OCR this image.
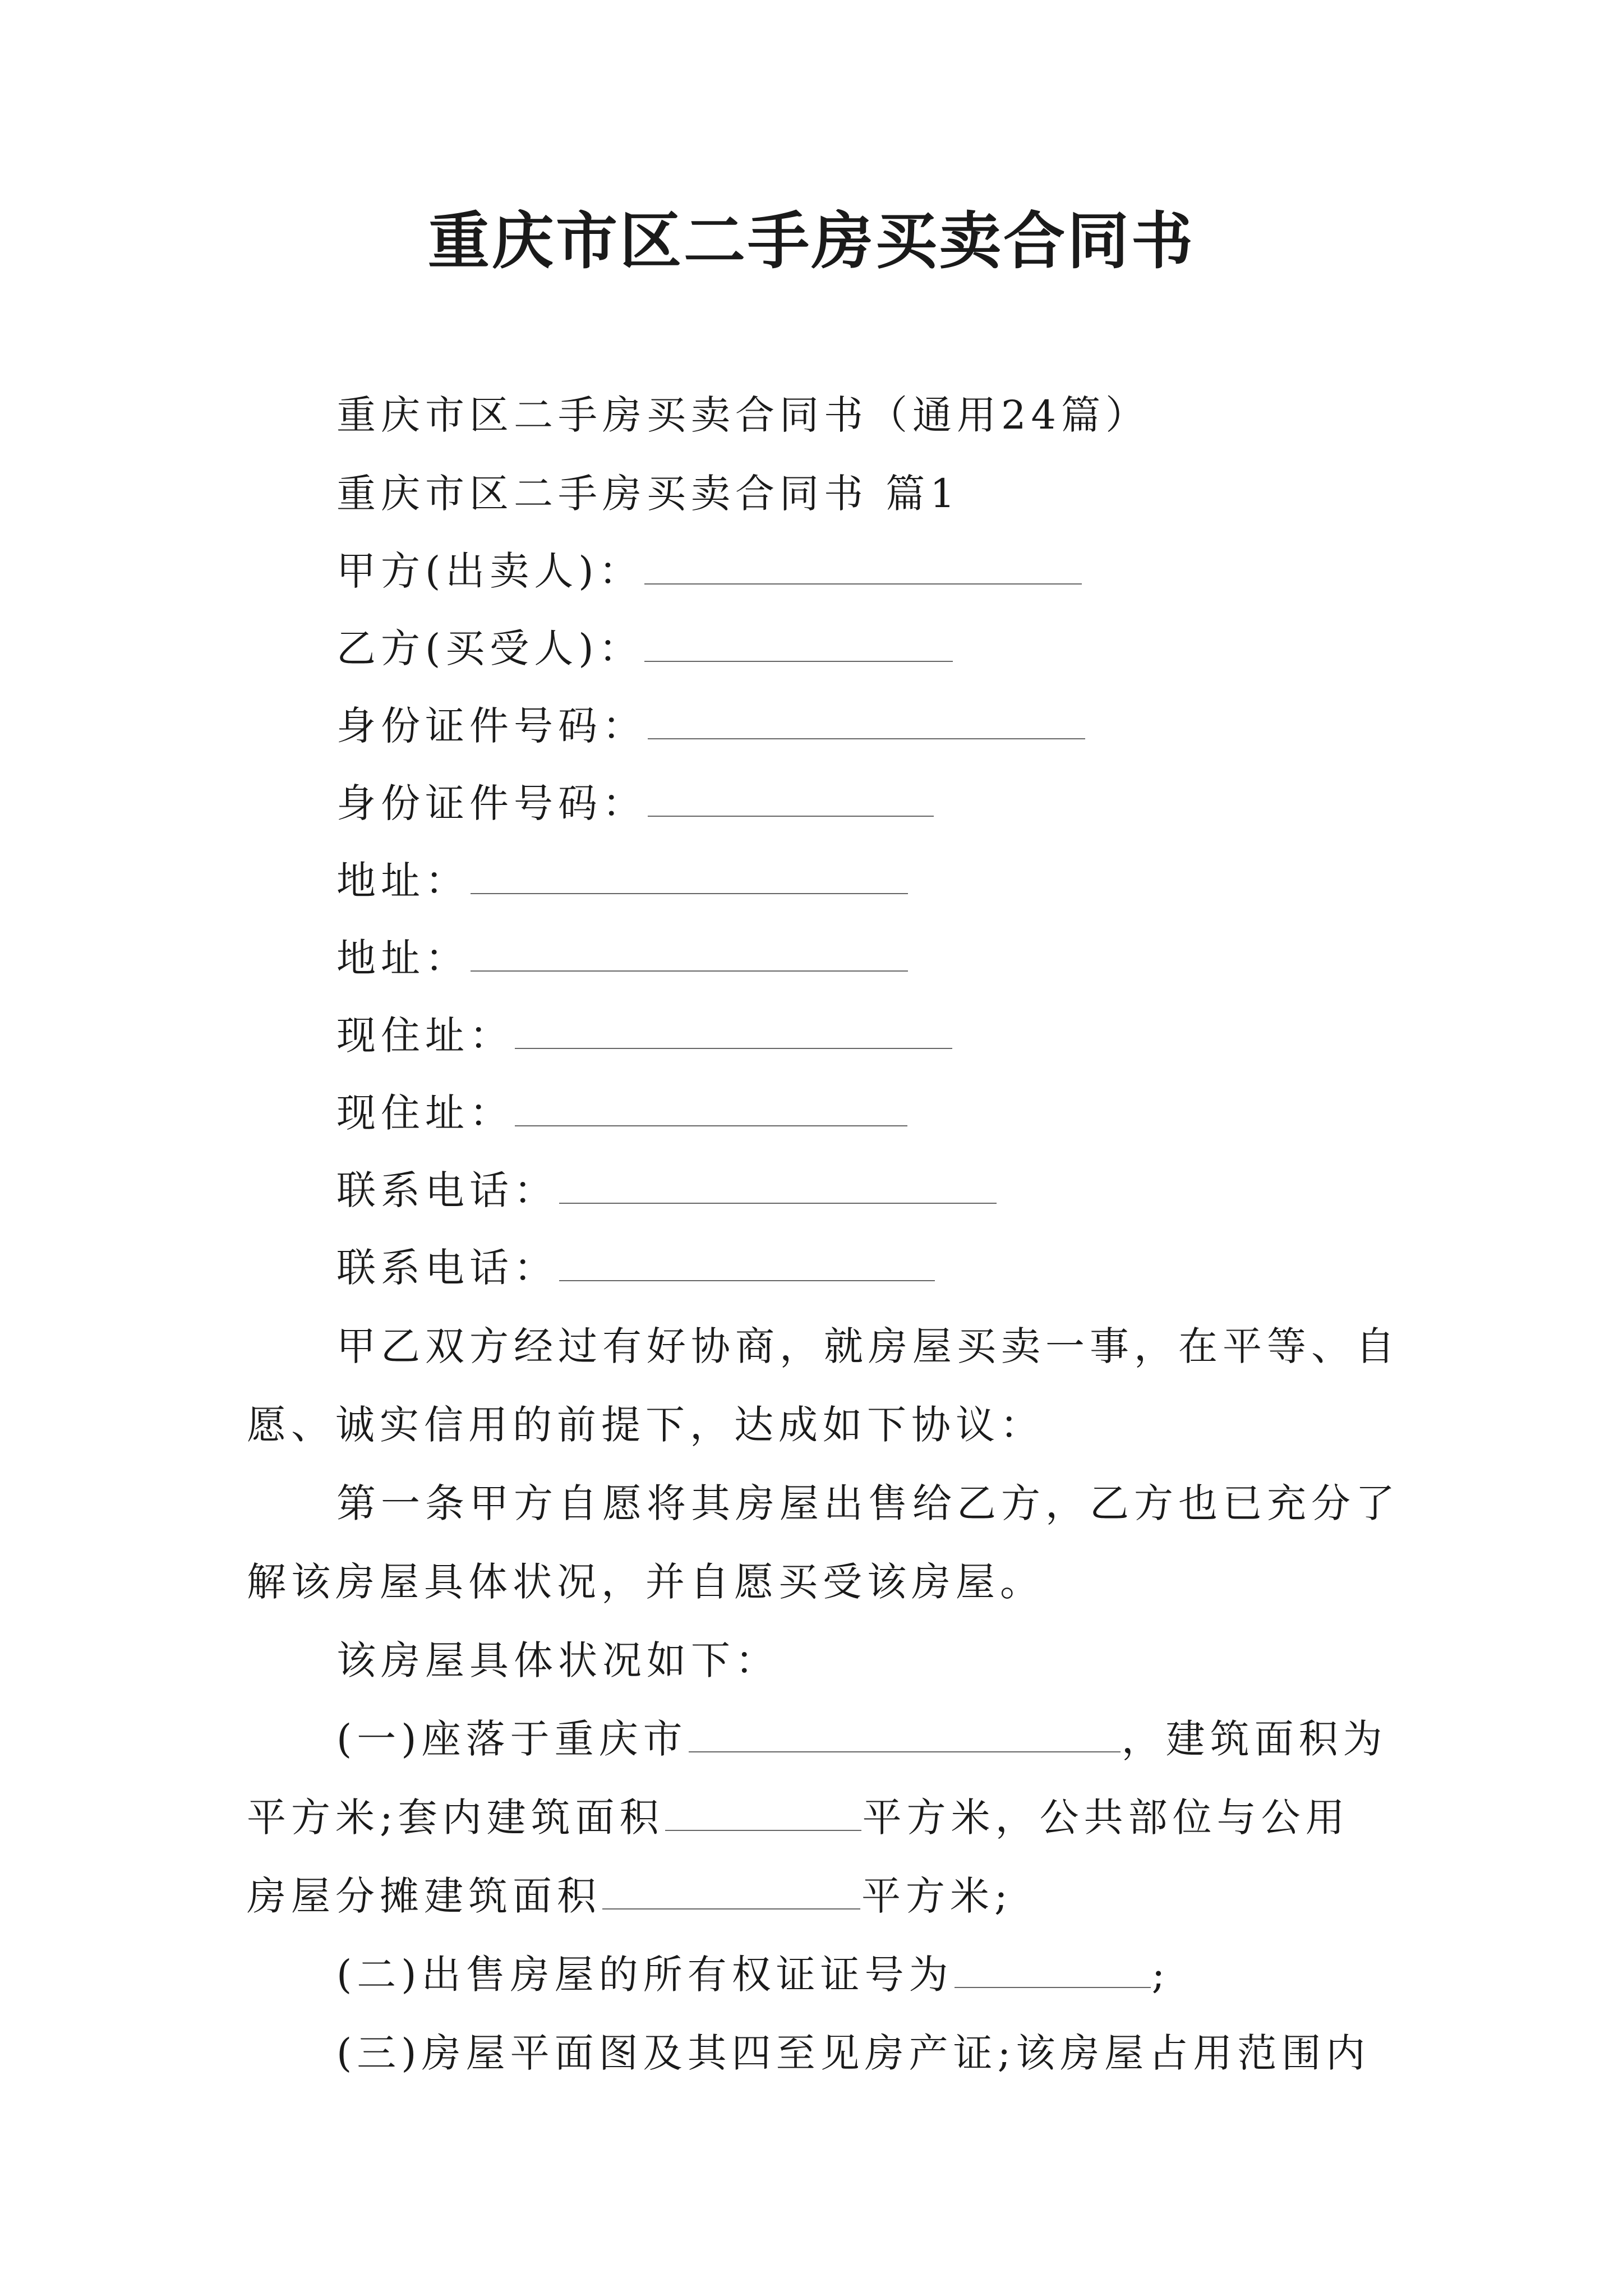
重庆市区二手房买卖合同书
重庆市区二手房买卖合同书（通用24篇）
重庆市区二手房买卖合同书 篇1
甲方(出卖人)：
乙方(买受人)：
身份证件号码：
身份证件号码：
地址：
地址：
现住址：
现住址：
联系电话：
联系电话：
甲乙双方经过有好协商，就房屋买卖一事，在平等、自
愿、诚实信用的前提下，达成如下协议：
第一条甲方自愿将其房屋出售给乙方，乙方也已充分了
解该房屋具体状况，并自愿买受该房屋。
该房屋具体状况如下：
(一)座落于重庆市	，建筑面积为
平方米;套内建筑面积	平方米，公共部位与公用
房屋分摊建筑面积	平方米;
(二)出售房屋的所有权证证号为	;
(三)房屋平面图及其四至见房产证;该房屋占用范围内
